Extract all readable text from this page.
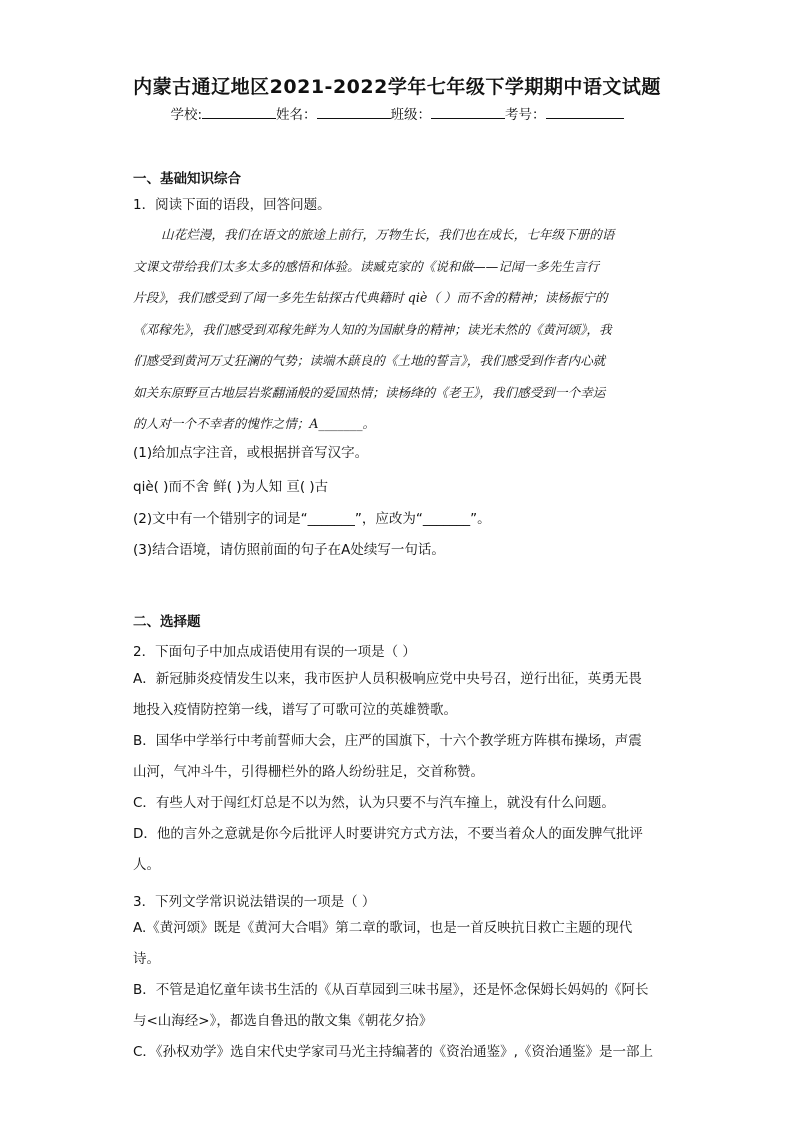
内蒙古通辽地区2021-2022学年七年级下学期期中语文试题
学校:	姓名：	班级：	考号：
一、基础知识综合
1．阅读下面的语段，回答问题。
山花烂漫，我们在语文的旅途上前行，万物生长，我们也在成长，七年级下册的语
文课文带给我们太多太多的感悟和体验。读臧克家的《说和做——记闻一多先生言行
片段》，我们感受到了闻一多先生钻探古代典籍时 qiè（ ）而不舍的精神；读杨振宁的
《邓稼先》，我们感受到邓稼先鲜为人知的为国献身的精神；读光未然的《黄河颂》，我
们感受到黄河万丈狂澜的气势；读端木蕻良的《土地的誓言》，我们感受到作者内心就
如关东原野亘古地层岩浆翻涌般的爱国热情；读杨绛的《老王》，我们感受到一个幸运
的人对一个不幸者的愧怍之情；A_______。
(1)给加点字注音，或根据拼音写汉字。
qiè( )而不舍 鲜( )为人知 亘( )古
(2)文中有一个错别字的词是“_______”，应改为“_______”。
(3)结合语境，请仿照前面的句子在A处续写一句话。
二、选择题
2．下面句子中加点成语使用有误的一项是（ ）
A．新冠肺炎疫情发生以来，我市医护人员积极响应党中央号召，逆行出征，英勇无畏
地投入疫情防控第一线，谱写了可歌可泣的英雄赞歌。
B．国华中学举行中考前誓师大会，庄严的国旗下，十六个教学班方阵棋布操场，声震
山河，气冲斗牛，引得栅栏外的路人纷纷驻足，交首称赞。
C．有些人对于闯红灯总是不以为然，认为只要不与汽车撞上，就没有什么问题。
D．他的言外之意就是你今后批评人时要讲究方式方法，不要当着众人的面发脾气批评
人。
3．下列文学常识说法错误的一项是（ ）
A.《黄河颂》既是《黄河大合唱》第二章的歌词，也是一首反映抗日救亡主题的现代
诗。
B．不管是追忆童年读书生活的《从百草园到三味书屋》，还是怀念保姆长妈妈的《阿长
与<山海经>》，都选自鲁迅的散文集《朝花夕拾》
C．《孙权劝学》选自宋代史学家司马光主持编著的《资治通鉴》,《资治通鉴》是一部上
